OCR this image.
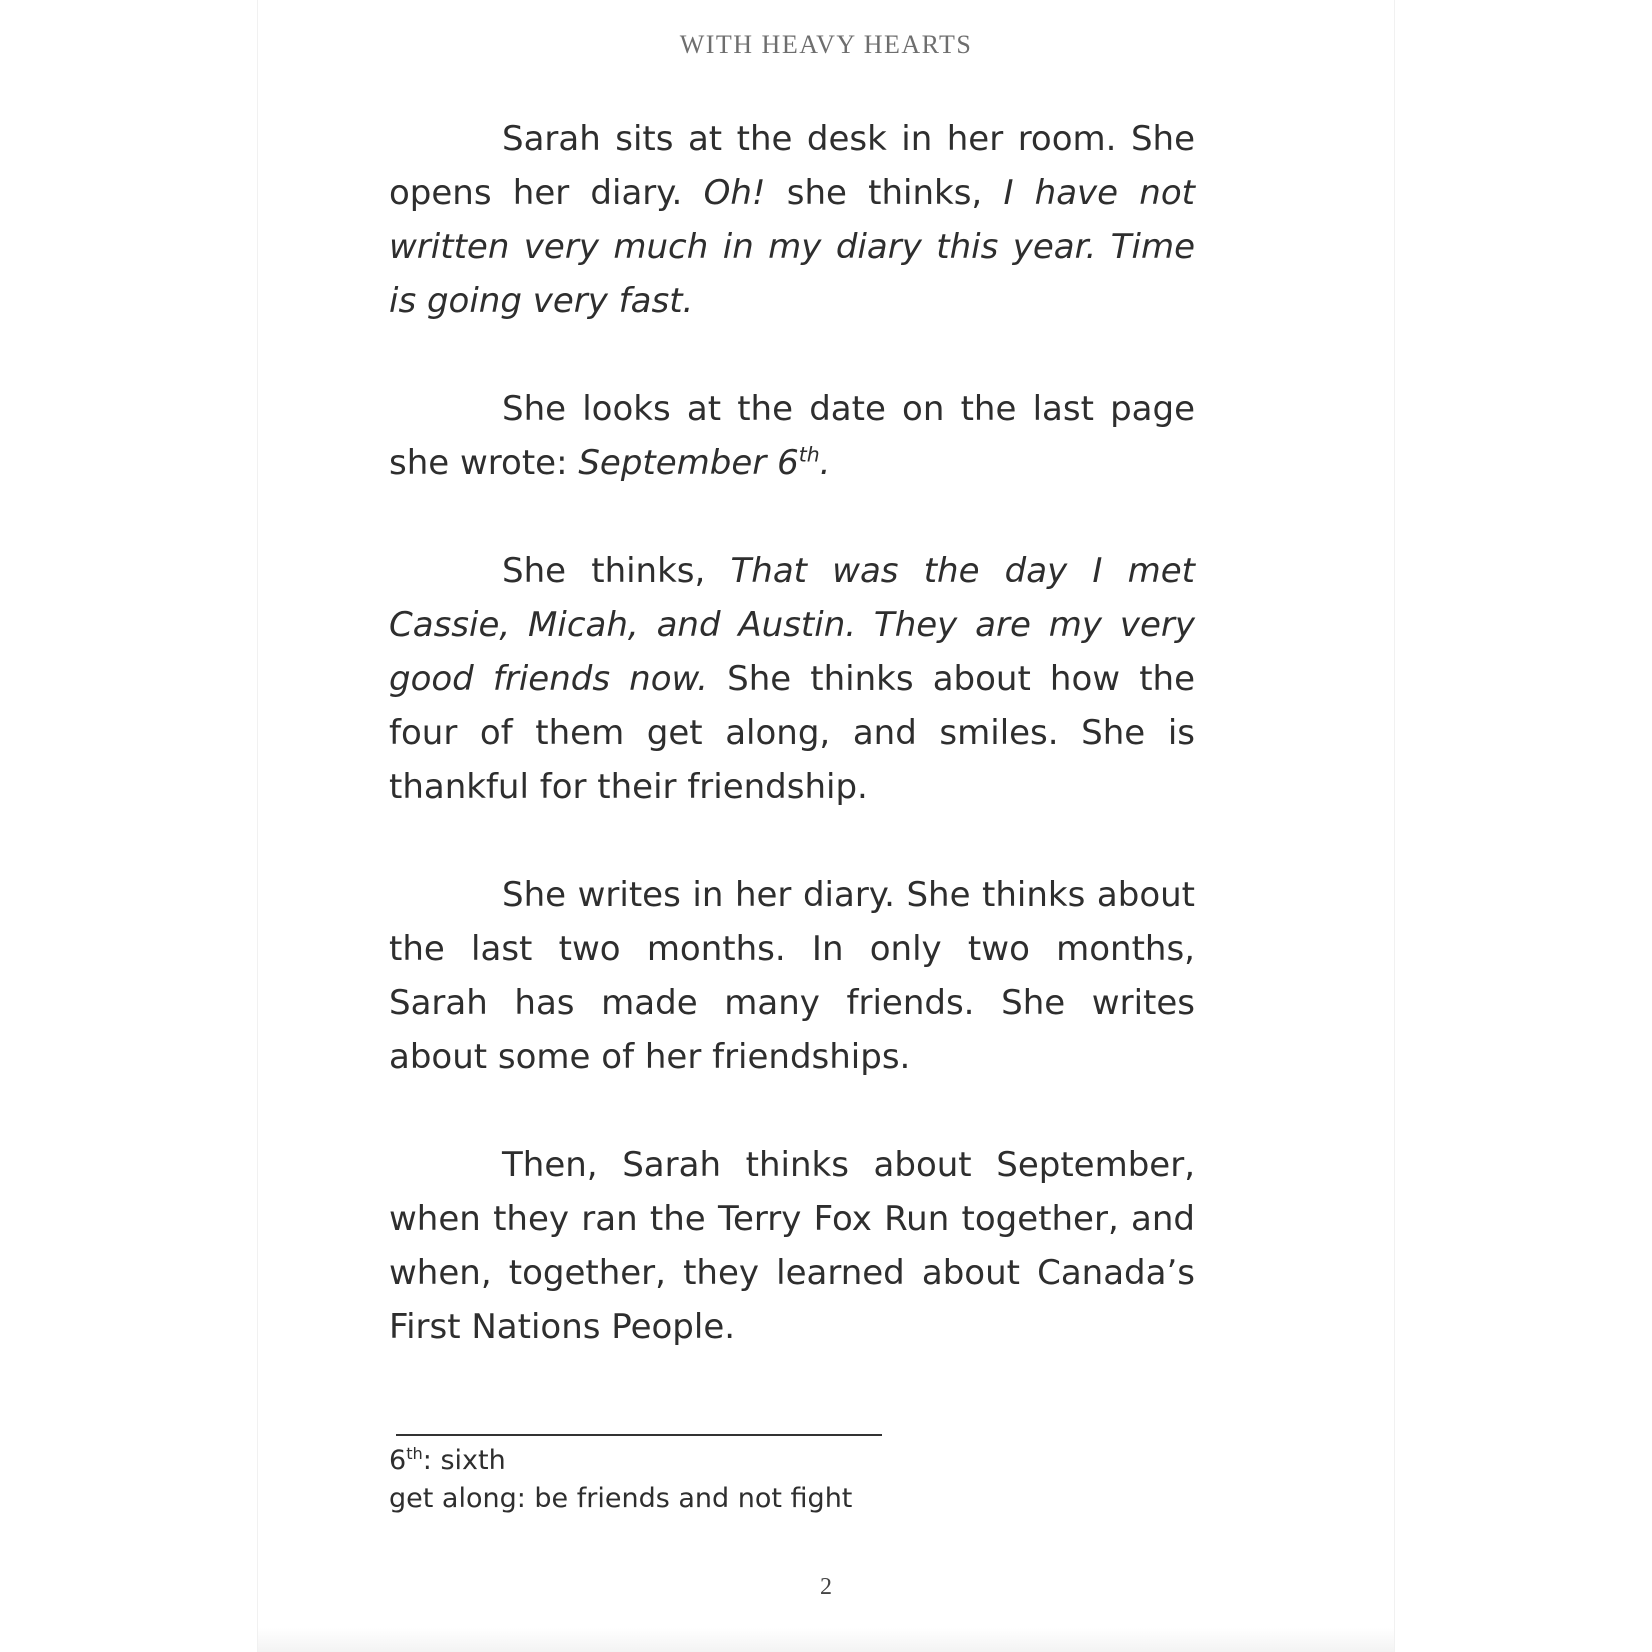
WITH HEAVY HEARTS

Sarah sits at the desk in her room. She opens her diary. Oh! she thinks, I have not written very much in my diary this year. Time is going very fast.

She looks at the date on the last page she wrote: September 6th.

She thinks, That was the day I met Cassie, Micah, and Austin. They are my very good friends now. She thinks about how the four of them get along, and smiles. She is thankful for their friendship.

She writes in her diary. She thinks about the last two months. In only two months, Sarah has made many friends. She writes about some of her friendships.

Then, Sarah thinks about September, when they ran the Terry Fox Run together, and when, together, they learned about Canada’s First Nations People.

6th: sixth
get along: be friends and not fight
2
